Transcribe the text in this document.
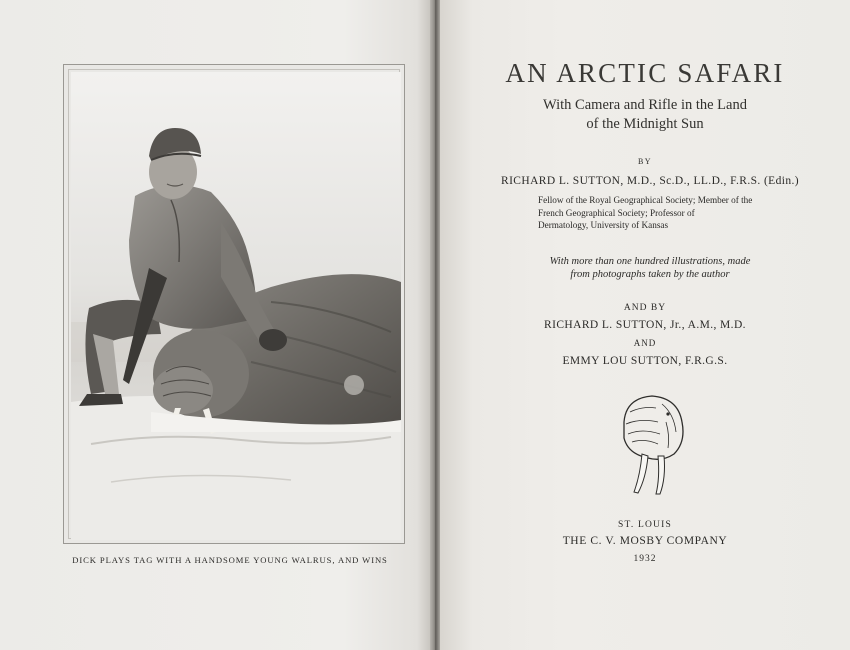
DICK PLAYS TAG WITH A HANDSOME YOUNG WALRUS, AND WINS
AN ARCTIC SAFARI
With Camera and Rifle in the Land
of the Midnight Sun
BY
RICHARD L. SUTTON, M.D., Sc.D., LL.D., F.R.S. (Edin.)
Fellow of the Royal Geographical Society; Member of the
French Geographical Society; Professor of
Dermatology, University of Kansas
With more than one hundred illustrations, made
from photographs taken by the author
AND BY
RICHARD L. SUTTON, Jr., A.M., M.D.
AND
EMMY LOU SUTTON, F.R.G.S.
ST. LOUIS
THE C. V. MOSBY COMPANY
1932
